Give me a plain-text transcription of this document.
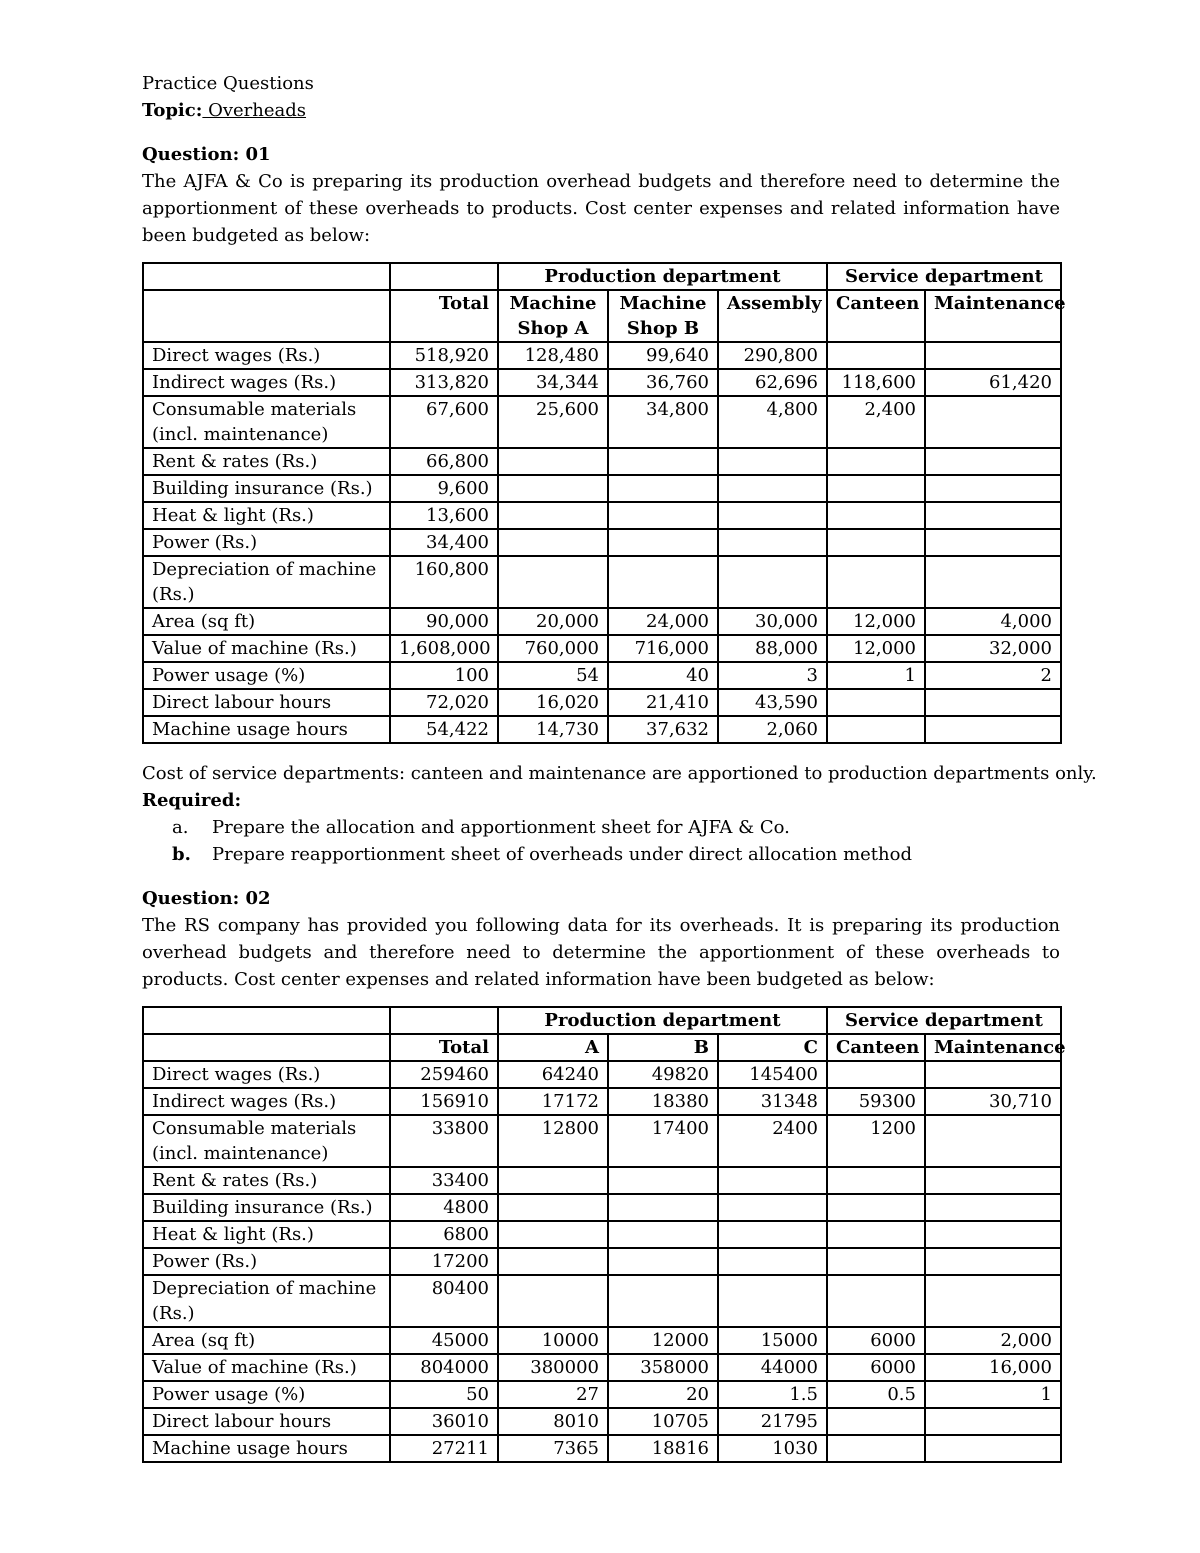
Practice Questions
Topic: Overheads
Question: 01

The AJFA & Co is preparing its production overhead budgets and therefore need to determine the apportionment of these overheads to products. Cost center expenses and related information have been budgeted as below:

		Production department			Service department	
	Total	Machine Shop A	Machine Shop B	Assembly	Canteen	Maintenance
Direct wages (Rs.)	518,920	128,480	99,640	290,800		
Indirect wages (Rs.)	313,820	34,344	36,760	62,696	118,600	61,420
Consumable materials (incl. maintenance)	67,600	25,600	34,800	4,800	2,400	
Rent & rates (Rs.)	66,800					
Building insurance (Rs.)	9,600					
Heat & light (Rs.)	13,600					
Power (Rs.)	34,400					
Depreciation of machine (Rs.)	160,800					
Area (sq ft)	90,000	20,000	24,000	30,000	12,000	4,000
Value of machine (Rs.)	1,608,000	760,000	716,000	88,000	12,000	32,000
Power usage (%)	100	54	40	3	1	2
Direct labour hours	72,020	16,020	21,410	43,590		
Machine usage hours	54,422	14,730	37,632	2,060		
Cost of service departments: canteen and maintenance are apportioned to production departments only.
Required:
a. Prepare the allocation and apportionment sheet for AJFA & Co.
b. Prepare reapportionment sheet of overheads under direct allocation method
Question: 02

The RS company has provided you following data for its overheads. It is preparing its production overhead budgets and therefore need to determine the apportionment of these overheads to products. Cost center expenses and related information have been budgeted as below:

		Production department			Service department	
	Total	A	B	C	Canteen	Maintenance
Direct wages (Rs.)	259460	64240	49820	145400		
Indirect wages (Rs.)	156910	17172	18380	31348	59300	30,710
Consumable materials (incl. maintenance)	33800	12800	17400	2400	1200	
Rent & rates (Rs.)	33400					
Building insurance (Rs.)	4800					
Heat & light (Rs.)	6800					
Power (Rs.)	17200					
Depreciation of machine (Rs.)	80400					
Area (sq ft)	45000	10000	12000	15000	6000	2,000
Value of machine (Rs.)	804000	380000	358000	44000	6000	16,000
Power usage (%)	50	27	20	1.5	0.5	1
Direct labour hours	36010	8010	10705	21795		
Machine usage hours	27211	7365	18816	1030		
